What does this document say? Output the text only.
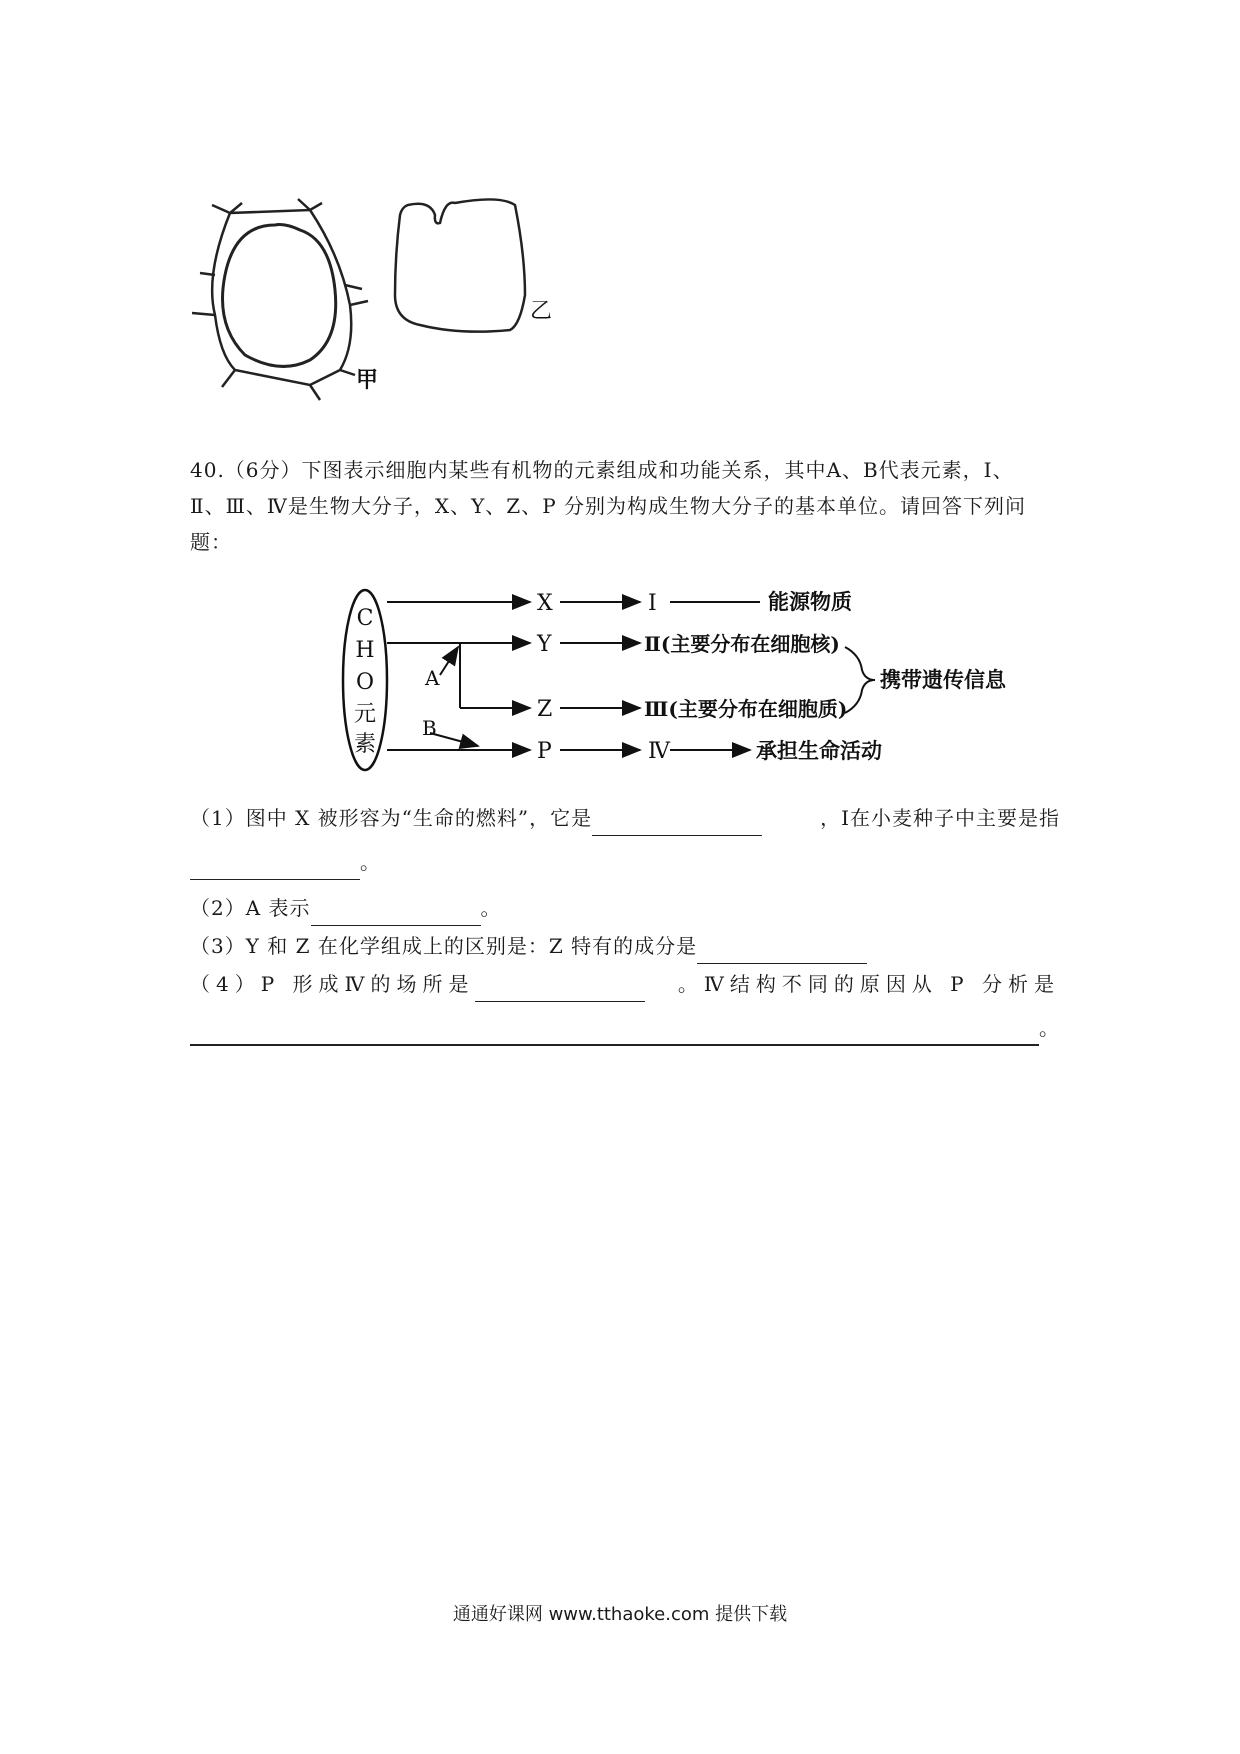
甲
乙
40.（6分）下图表示细胞内某些有机物的元素组成和功能关系，其中A、B代表元素，Ⅰ、
Ⅱ、Ⅲ、Ⅳ是生物大分子，X、Y、Z、P 分别为构成生物大分子的基本单位。请回答下列问
题：
C
H
O
元
素
X
Y
Z
P
A
B
Ⅰ	能源物质
Ⅱ(主要分布在细胞核)
Ⅲ(主要分布在细胞质)
携带遗传信息
Ⅳ	承担生命活动
（1）图中 X 被形容为“生命的燃料”，它是	，Ⅰ在小麦种子中主要是指
。
（2）A 表示	。
（3）Y 和 Z 在化学组成上的区别是：Z 特有的成分是
（4）P 形成Ⅳ的场所是	。Ⅳ结构不同的原因从 P 分析是
。
通通好课网 www.tthaoke.com 提供下载
